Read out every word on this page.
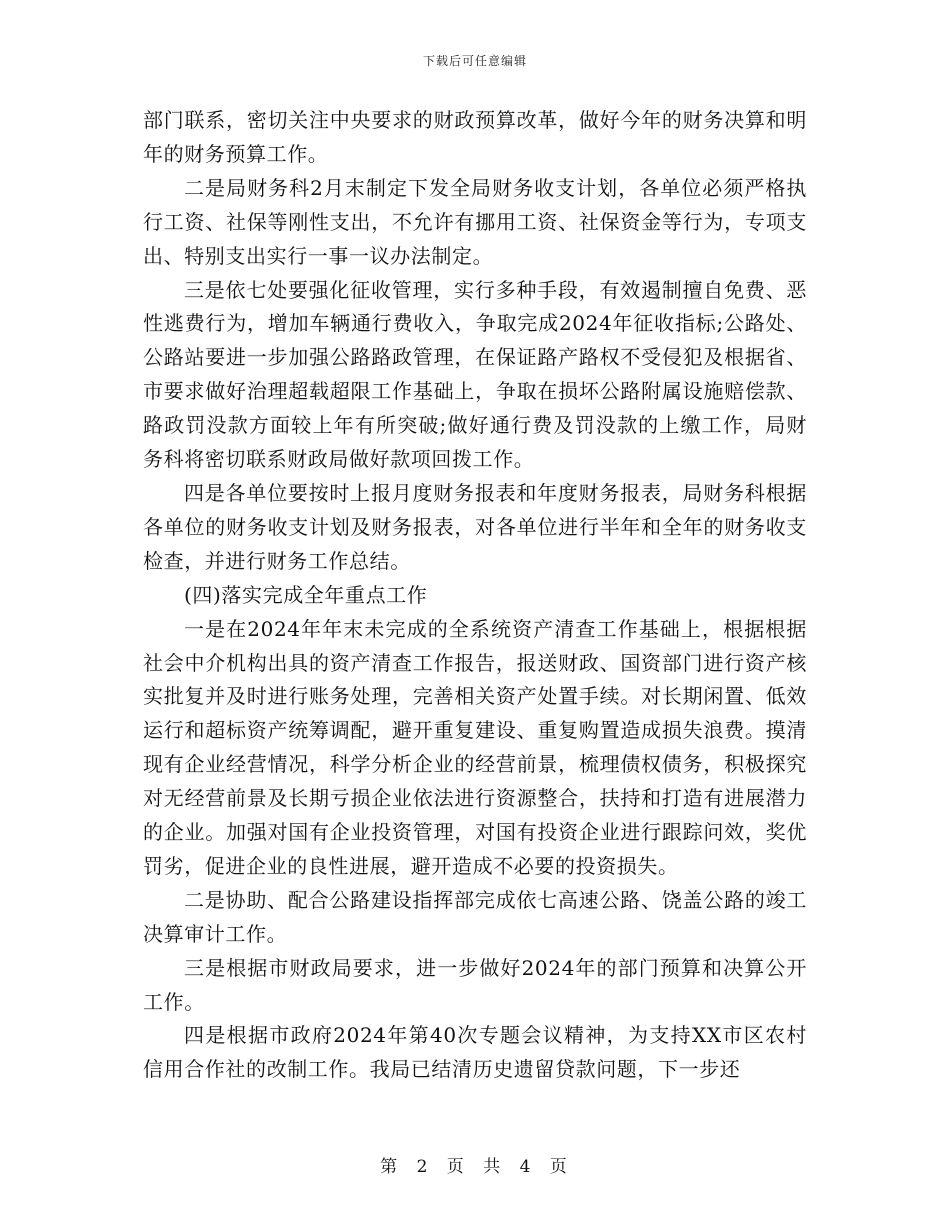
下载后可任意编辑

部门联系，密切关注中央要求的财政预算改革，做好今年的财务决算和明年的财务预算工作。

二是局财务科2月末制定下发全局财务收支计划，各单位必须严格执行工资、社保等刚性支出，不允许有挪用工资、社保资金等行为，专项支出、特别支出实行一事一议办法制定。

三是依七处要强化征收管理，实行多种手段，有效遏制擅自免费、恶性逃费行为，增加车辆通行费收入，争取完成2024年征收指标;公路处、公路站要进一步加强公路路政管理，在保证路产路权不受侵犯及根据省、市要求做好治理超载超限工作基础上，争取在损坏公路附属设施赔偿款、路政罚没款方面较上年有所突破;做好通行费及罚没款的上缴工作，局财务科将密切联系财政局做好款项回拨工作。

四是各单位要按时上报月度财务报表和年度财务报表，局财务科根据各单位的财务收支计划及财务报表，对各单位进行半年和全年的财务收支检查，并进行财务工作总结。

(四)落实完成全年重点工作

一是在2024年年末未完成的全系统资产清查工作基础上，根据根据社会中介机构出具的资产清查工作报告，报送财政、国资部门进行资产核实批复并及时进行账务处理，完善相关资产处置手续。对长期闲置、低效运行和超标资产统筹调配，避开重复建设、重复购置造成损失浪费。摸清现有企业经营情况，科学分析企业的经营前景，梳理债权债务，积极探究对无经营前景及长期亏损企业依法进行资源整合，扶持和打造有进展潜力的企业。加强对国有企业投资管理，对国有投资企业进行跟踪问效，奖优罚劣，促进企业的良性进展，避开造成不必要的投资损失。

二是协助、配合公路建设指挥部完成依七高速公路、饶盖公路的竣工决算审计工作。

三是根据市财政局要求，进一步做好2024年的部门预算和决算公开工作。

四是根据市政府2024年第40次专题会议精神，为支持XX市区农村信用合作社的改制工作。我局已结清历史遗留贷款问题，下一步还

第 2 页 共 4 页
